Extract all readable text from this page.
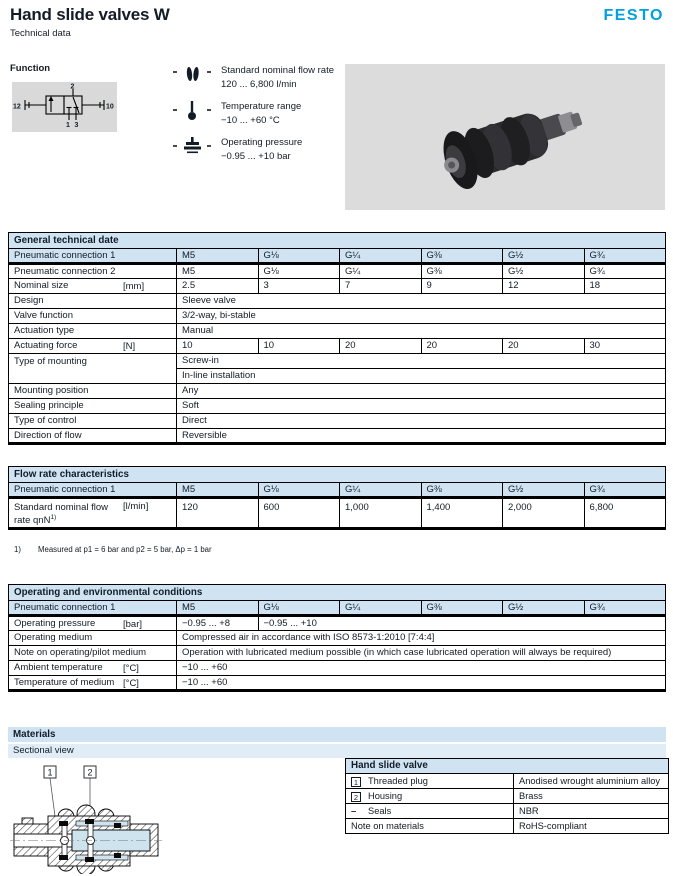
Hand slide valves W
Technical data
FESTO
Function
12
2
10
1 3
Standard nominal flow rate
120 ... 6,800 l/min
Temperature range
−10 ... +60 °C
Operating pressure
−0.95 ... +10 bar
General technical date						
Pneumatic connection 1	M5	G⅛	G¼	G⅜	G½	G¾
Pneumatic connection 2	M5	G⅛	G¼	G⅜	G½	G¾
Nominal size [mm]	2.5	3	7	9	12	18
Design	Sleeve valve					
Valve function	3/2-way, bi-stable					
Actuation type	Manual					
Actuating force [N]	10	10	20	20	20	30
Type of mounting	Screw-in					
	In-line installation					
Mounting position	Any					
Sealing principle	Soft					
Type of control	Direct					
Direction of flow	Reversible					
Flow rate characteristics						
Pneumatic connection 1	M5	G⅛	G¼	G⅜	G½	G¾

Standard nominal flow [l/min]
rate qnN$^{1)}$	120	600	1,000	1,400	2,000	6,800
1) Measured at p1 = 6 bar and p2 = 5 bar, Δp = 1 bar
Operating and environmental conditions						
Pneumatic connection 1	M5	G⅛	G¼	G⅜	G½	G¾
Operating pressure [bar]	−0.95 ... +8	−0.95 ... +10				
Operating medium	Compressed air in accordance with ISO 8573-1:2010 [7:4:4]					
Note on operating/pilot medium	Operation with lubricated medium possible (in which case lubricated operation will always be required)					
Ambient temperature [°C]	−10 ... +60					
Temperature of medium [°C]	−10 ... +60					
Materials
Sectional view
1	2
Hand slide valve	
1 Threaded plug	Anodised wrought aluminium alloy
2 Housing	Brass
– Seals	NBR
Note on materials	RoHS-compliant
